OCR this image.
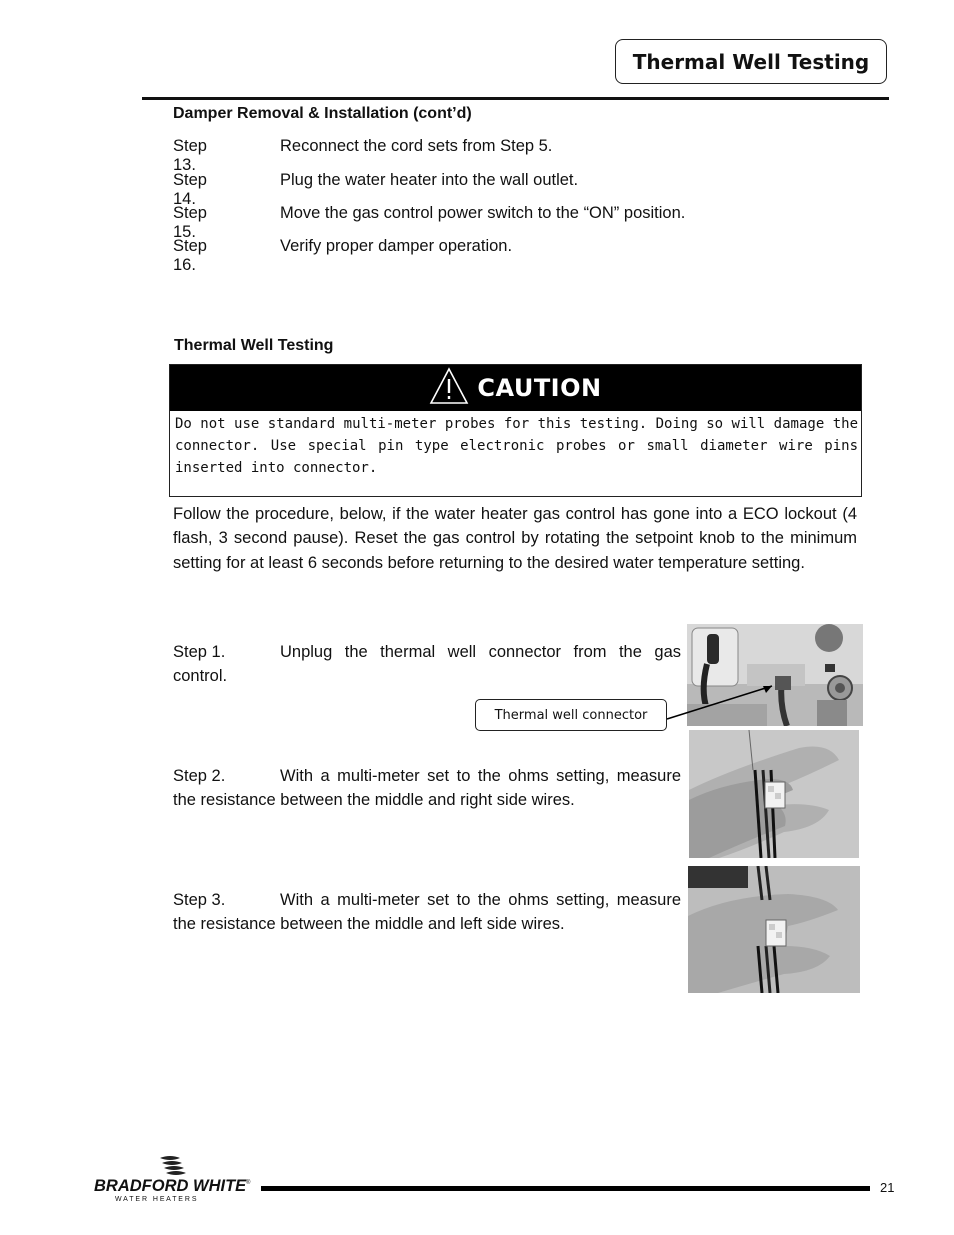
Thermal Well Testing
Damper Removal & Installation (cont’d)
Step 13.
Reconnect the cord sets from Step 5.
Step 14.
Plug the water heater into the wall outlet.
Step 15.
Move the gas control power switch to the “ON” position.
Step 16.
Verify proper damper operation.
Thermal Well Testing
CAUTION
Do not use standard multi-meter probes for this testing. Doing so will damage the connector. Use special pin type electronic probes or small diameter wire pins inserted into connector.
Follow the procedure, below, if the water heater gas control has gone into a ECO lockout (4 flash, 3 second pause). Reset the gas control by rotating the setpoint knob to the minimum setting for at least 6 seconds before returning to the desired water temperature setting.
Step 1.	Unplug the thermal well connector from the gas control.
Thermal well connector
Step 2.	With a multi-meter set to the ohms setting, measure the resistance between the middle and right side wires.
Step 3.	With a multi-meter set to the ohms setting, measure the resistance between the middle and left side wires.
BRADFORD WHITE ®
W A T E R   H E A T E R S
21
